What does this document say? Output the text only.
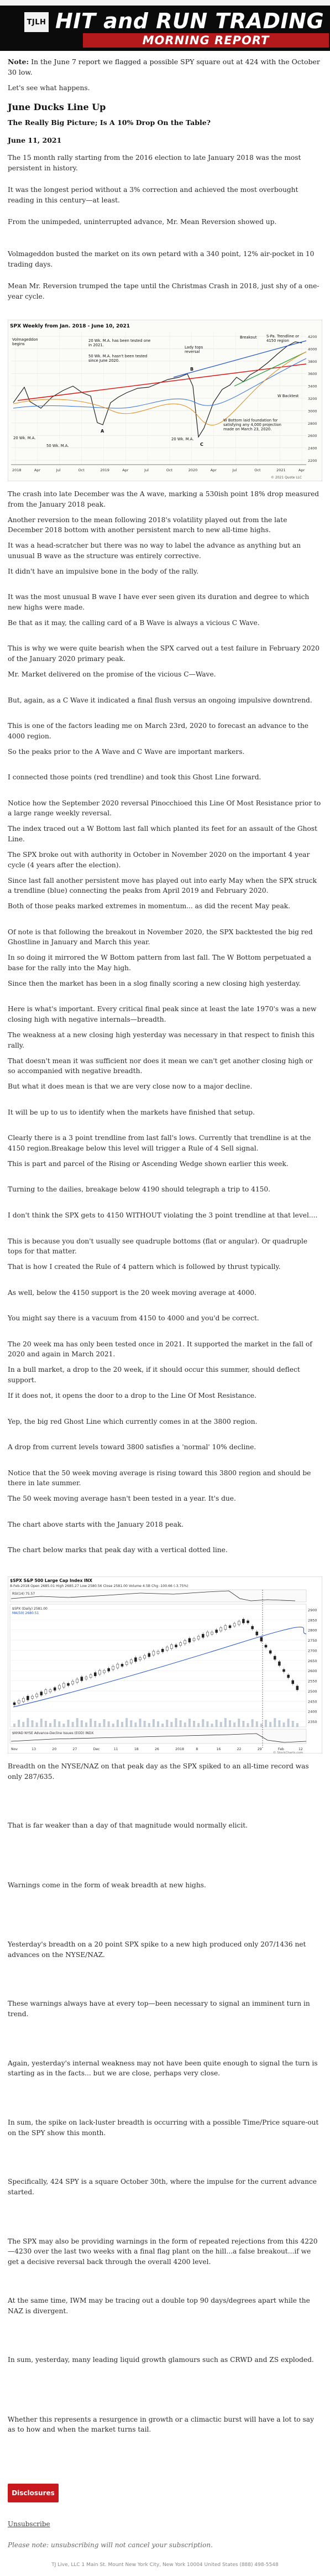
TJLH HIT and RUN TRADING
MORNING REPORT

Note: In the June 7 report we flagged a possible SPY square out at 424 with the October 30 low.

Let's see what happens.

June Ducks Line Up

The Really Big Picture; Is A 10% Drop On the Table?

June 11, 2021

The 15 month rally starting from the 2016 election to late January 2018 was the most persistent in history.

It was the longest period without a 3% correction and achieved the most overbought reading in this century—at least.

From the unimpeded, uninterrupted advance, Mr. Mean Reversion showed up.

Volmageddon busted the market on its own petard with a 340 point, 12% air-pocket in 10 trading days.

Mean Mr. Reversion trumped the tape until the Christmas Crash in 2018, just shy of a one-year cycle.

SPX Weekly from Jan. 2018 - June 10, 2021
4200
4000
3800
3600
3400
3200
3000
2800
2600
2400
2200
2018	Apr	Jul	Oct	2019	Apr	Jul	Oct	2020	Apr	Jul	Oct	2021	Apr
A
C
B
Volmageddon begins
20 Wk. M.A.
50 Wk. M.A.
20 Wk. M.A. has been tested one in 2021.
50 Wk. M.A. hasn't been tested since June 2020.
Lady tops reversal
Breakout	S-Pa. Trendline or 4150 region
W Backtest
W Bottom laid foundation for satisfying any 4,000 projection made on March 23, 2020.
20 Wk. M.A.
© 2021 Quote LLC

The crash into late December was the A wave, marking a 530ish point 18% drop measured from the January 2018 peak.

Another reversion to the mean following 2018's volatility played out from the late December 2018 bottom with another persistent march to new all-time highs.

It was a head-scratcher but there was no way to label the advance as anything but an unusual B wave as the structure was entirely corrective.

It didn't have an impulsive bone in the body of the rally.

It was the most unusual B wave I have ever seen given its duration and degree to which new highs were made.

Be that as it may, the calling card of a B Wave is always a vicious C Wave.

This is why we were quite bearish when the SPX carved out a test failure in February 2020 of the January 2020 primary peak.

Mr. Market delivered on the promise of the vicious C—Wave.

But, again, as a C Wave it indicated a final flush versus an ongoing impulsive downtrend.

This is one of the factors leading me on March 23rd, 2020 to forecast an advance to the 4000 region.

So the peaks prior to the A Wave and C Wave are important markers.

I connected those points (red trendline) and took this Ghost Line forward.

Notice how the September 2020 reversal Pinocchioed this Line Of Most Resistance prior to a large range weekly reversal.

The index traced out a W Bottom last fall which planted its feet for an assault of the Ghost Line.

The SPX broke out with authority in October in November 2020 on the important 4 year cycle (4 years after the election).

Since last fall another persistent move has played out into early May when the SPX struck a trendline (blue) connecting the peaks from April 2019 and February 2020.

Both of those peaks marked extremes in momentum... as did the recent May peak.

Of note is that following the breakout in November 2020, the SPX backtested the big red Ghostline in January and March this year.

In so doing it mirrored the W Bottom pattern from last fall. The W Bottom perpetuated a base for the rally into the May high.

Since then the market has been in a slog finally scoring a new closing high yesterday.

Here is what's important. Every critical final peak since at least the late 1970's was a new closing high with negative internals—breadth.

The weakness at a new closing high yesterday was necessary in that respect to finish this rally.

That doesn't mean it was sufficient nor does it mean we can't get another closing high or so accompanied with negative breadth.

But what it does mean is that we are very close now to a major decline.

It will be up to us to identify when the markets have finished that setup.

Clearly there is a 3 point trendline from last fall's lows. Currently that trendline is at the 4150 region.Breakage below this level will trigger a Rule of 4 Sell signal.

This is part and parcel of the Rising or Ascending Wedge shown earlier this week.

Turning to the dailies, breakage below 4190 should telegraph a trip to 4150.

I don't think the SPX gets to 4150 WITHOUT violating the 3 point trendline at that level....

This is because you don't usually see quadruple bottoms (flat or angular). Or quadruple tops for that matter.

That is how I created the Rule of 4 pattern which is followed by thrust typically.

As well, below the 4150 support is the 20 week moving average at 4000.

You might say there is a vacuum from 4150 to 4000 and you'd be correct.

The 20 week ma has only been tested once in 2021. It supported the market in the fall of 2020 and again in March 2021.

In a bull market, a drop to the 20 week, if it should occur this summer, should deflect support.

If it does not, it opens the door to a drop to the Line Of Most Resistance.

Yep, the big red Ghost Line which currently comes in at the 3800 region.

A drop from current levels toward 3800 satisfies a 'normal' 10% decline.

Notice that the 50 week moving average is rising toward this 3800 region and should be there in late summer.

The 50 week moving average hasn't been tested in a year. It's due.

The chart above starts with the January 2018 peak.

The chart below marks that peak day with a vertical dotted line.

$SPX S&P 500 Large Cap Index INX
8-Feb-2018 Open 2685.01 High 2685.27 Low 2580.56 Close 2581.00 Volume 4.5B Chg -100.66 (-3.75%)
RSI(14) 75.57
2900
2850
2800
2750
2700
2650
2600
2550
2500
2450
2400
2350
$SPX (Daily) 2581.00
MA(50) 2680.51
$NYAD NYSE Advance-Decline Issues (EOD) INDX
Nov	13	20	27	Dec	11	18	26	2018	8	16	22	29	Feb	12
© StockCharts.com

Breadth on the NYSE/NAZ on that peak day as the SPX spiked to an all-time record was only 287/635.

That is far weaker than a day of that magnitude would normally elicit.

Warnings come in the form of weak breadth at new highs.

Yesterday's breadth on a 20 point SPX spike to a new high produced only 207/1436 net advances on the NYSE/NAZ.

These warnings always have at every top—been necessary to signal an imminent turn in trend.

Again, yesterday's internal weakness may not have been quite enough to signal the turn is starting as in the facts... but we are close, perhaps very close.

In sum, the spike on lack-luster breadth is occurring with a possible Time/Price square-out on the SPY show this month.

Specifically, 424 SPY is a square October 30th, where the impulse for the current advance started.

The SPX may also be providing warnings in the form of repeated rejections from this 4220—4230 over the last two weeks with a final flag plant on the hill...a false breakout...if we get a decisive reversal back through the overall 4200 level.

At the same time, IWM may be tracing out a double top 90 days/degrees apart while the NAZ is divergent.

In sum, yesterday, many leading liquid growth glamours such as CRWD and ZS exploded.

Whether this represents a resurgence in growth or a climactic burst will have a lot to say as to how and when the market turns tail.

Disclosures
Unsubscribe
Please note: unsubscribing will not cancel your subscription.
TJ Live, LLC 1 Main St. Mount New York City, New York 10004 United States (888) 498-5548
